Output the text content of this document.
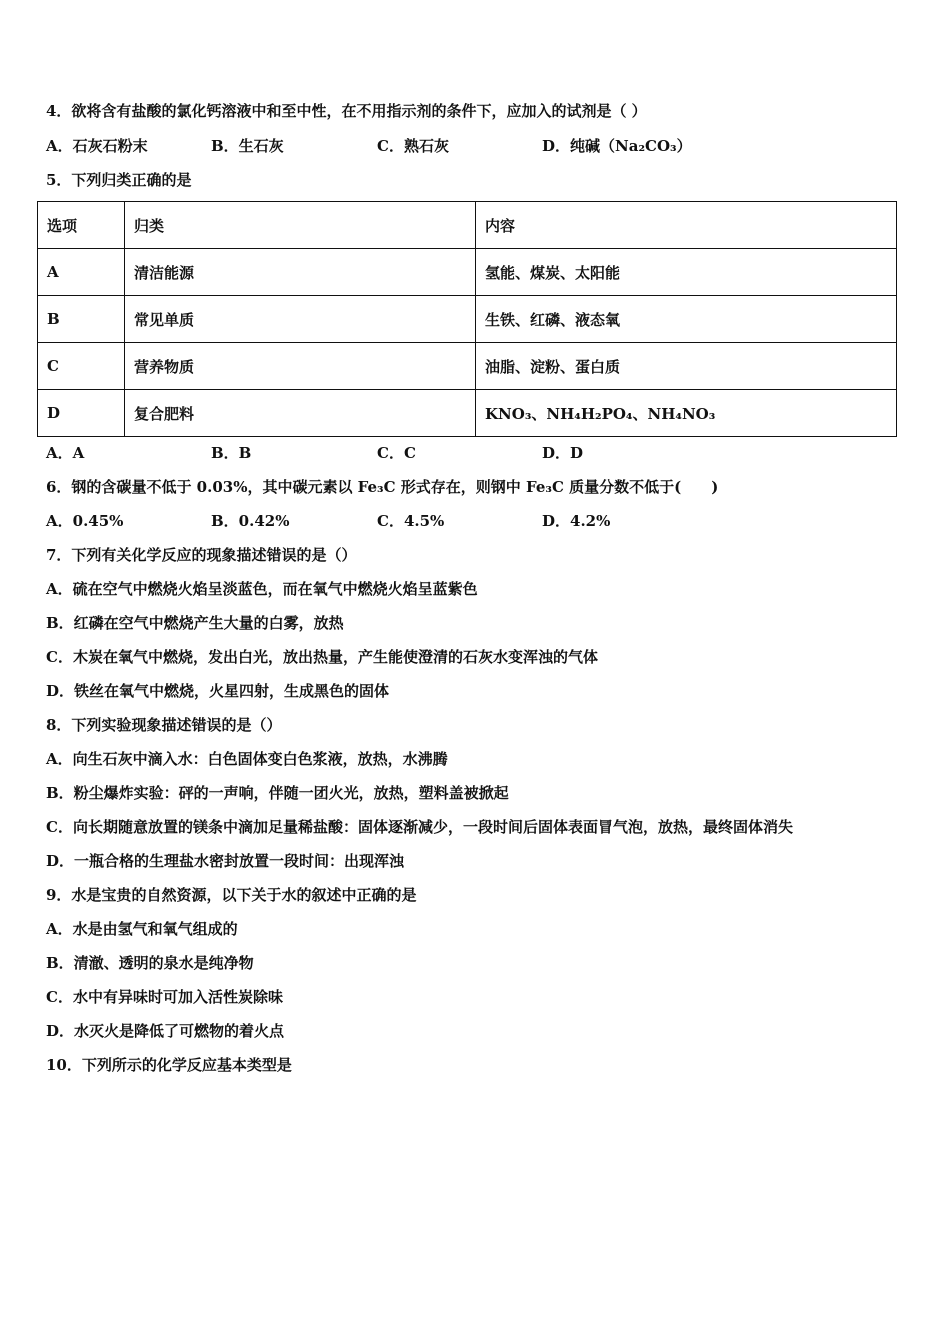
4．欲将含有盐酸的氯化钙溶液中和至中性，在不用指示剂的条件下，应加入的试剂是（ ）
A．石灰石粉末	B．生石灰	C．熟石灰	D．纯碱（Na₂CO₃）
5．下列归类正确的是
选项	归类	内容
A	清洁能源	氢能、煤炭、太阳能
B	常见单质	生铁、红磷、液态氧
C	营养物质	油脂、淀粉、蛋白质
D	复合肥料	KNO₃、NH₄H₂PO₄、NH₄NO₃
A．A	B．B	C．C	D．D
6．钢的含碳量不低于 0.03%，其中碳元素以 Fe₃C 形式存在，则钢中 Fe₃C 质量分数不低于(　　)
A．0.45%	B．0.42%	C．4.5%	D．4.2%
7．下列有关化学反应的现象描述错误的是（）
A．硫在空气中燃烧火焰呈淡蓝色，而在氧气中燃烧火焰呈蓝紫色
B．红磷在空气中燃烧产生大量的白雾，放热
C．木炭在氧气中燃烧，发出白光，放出热量，产生能使澄清的石灰水变浑浊的气体
D．铁丝在氧气中燃烧，火星四射，生成黑色的固体
8．下列实验现象描述错误的是（）
A．向生石灰中滴入水：白色固体变白色浆液，放热，水沸腾
B．粉尘爆炸实验：砰的一声响，伴随一团火光，放热，塑料盖被掀起
C．向长期随意放置的镁条中滴加足量稀盐酸：固体逐渐减少，一段时间后固体表面冒气泡，放热，最终固体消失
D．一瓶合格的生理盐水密封放置一段时间：出现浑浊
9．水是宝贵的自然资源，以下关于水的叙述中正确的是
A．水是由氢气和氧气组成的
B．清澈、透明的泉水是纯净物
C．水中有异味时可加入活性炭除味
D．水灭火是降低了可燃物的着火点
10．下列所示的化学反应基本类型是
